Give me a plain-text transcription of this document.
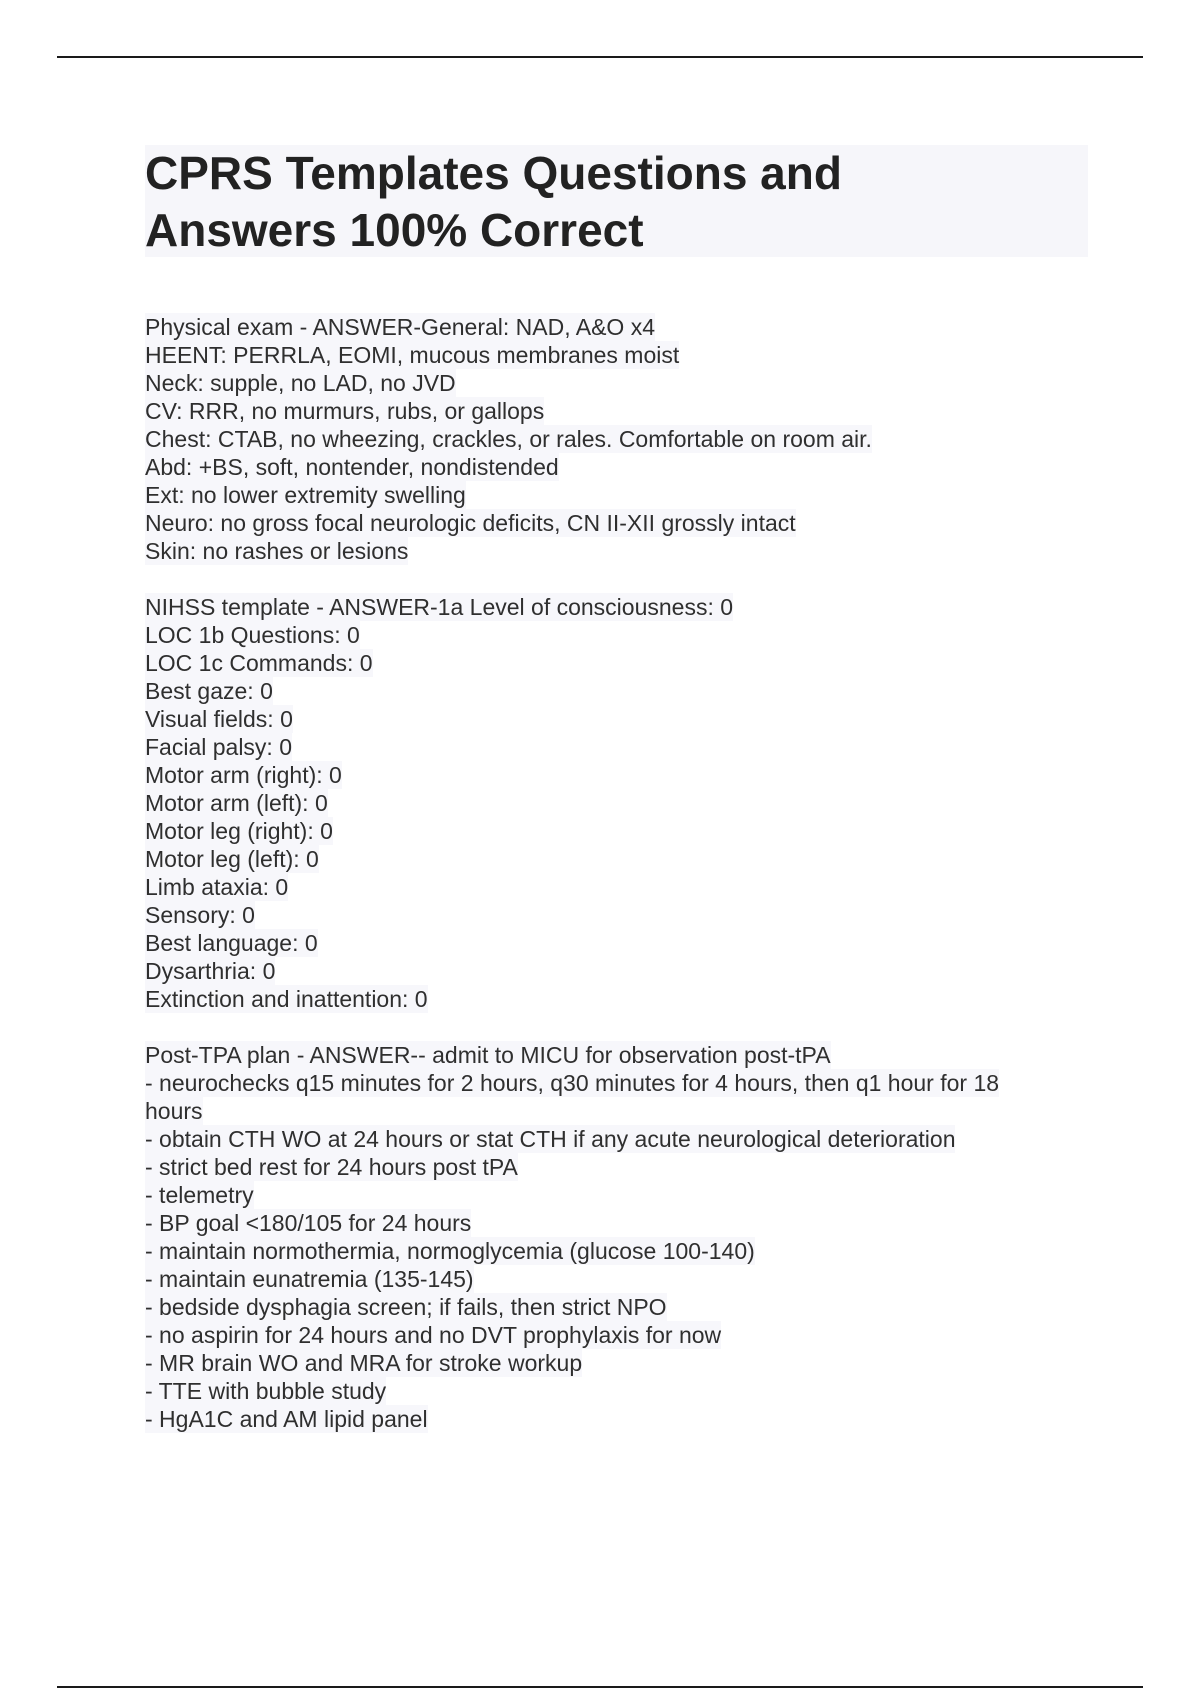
CPRS Templates Questions and
Answers 100% Correct
Physical exam - ANSWER-General: NAD, A&O x4
HEENT: PERRLA, EOMI, mucous membranes moist
Neck: supple, no LAD, no JVD
CV: RRR, no murmurs, rubs, or gallops
Chest: CTAB, no wheezing, crackles, or rales. Comfortable on room air.
Abd: +BS, soft, nontender, nondistended
Ext: no lower extremity swelling
Neuro: no gross focal neurologic deficits, CN II-XII grossly intact
Skin: no rashes or lesions
NIHSS template - ANSWER-1a Level of consciousness: 0
LOC 1b Questions: 0
LOC 1c Commands: 0
Best gaze: 0
Visual fields: 0
Facial palsy: 0
Motor arm (right): 0
Motor arm (left): 0
Motor leg (right): 0
Motor leg (left): 0
Limb ataxia: 0
Sensory: 0
Best language: 0
Dysarthria: 0
Extinction and inattention: 0
Post-TPA plan - ANSWER-- admit to MICU for observation post-tPA
- neurochecks q15 minutes for 2 hours, q30 minutes for 4 hours, then q1 hour for 18
hours
- obtain CTH WO at 24 hours or stat CTH if any acute neurological deterioration
- strict bed rest for 24 hours post tPA
- telemetry
- BP goal <180/105 for 24 hours
- maintain normothermia, normoglycemia (glucose 100-140)
- maintain eunatremia (135-145)
- bedside dysphagia screen; if fails, then strict NPO
- no aspirin for 24 hours and no DVT prophylaxis for now
- MR brain WO and MRA for stroke workup
- TTE with bubble study
- HgA1C and AM lipid panel
